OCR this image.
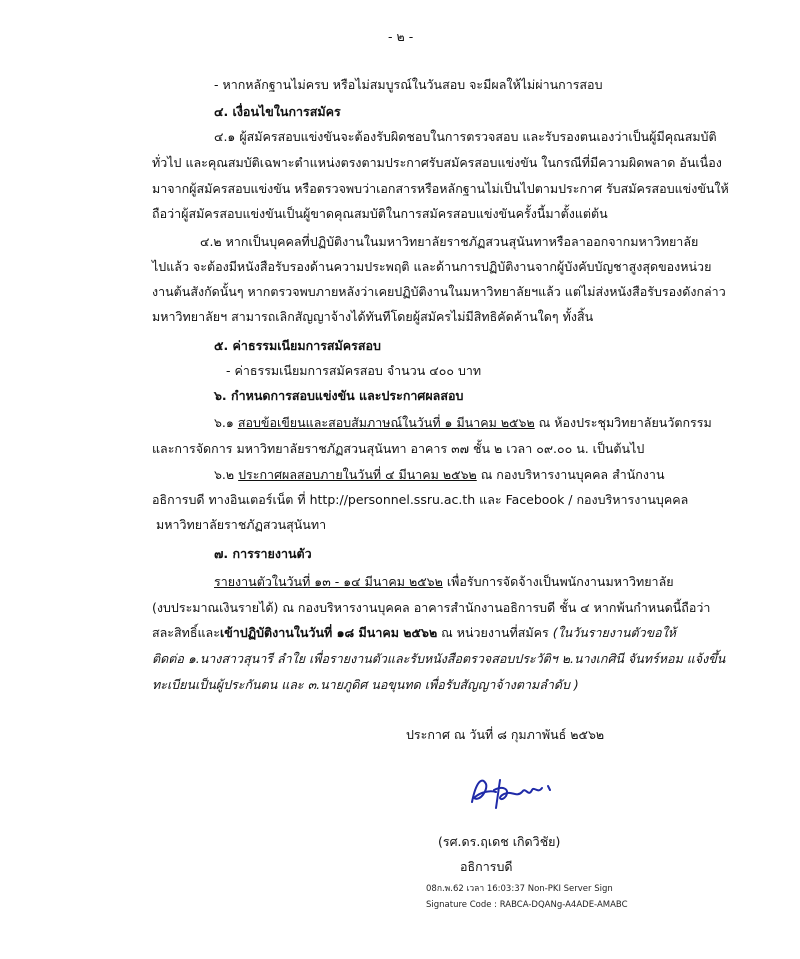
- ๒ -
- หากหลักฐานไม่ครบ หรือไม่สมบูรณ์ในวันสอบ จะมีผลให้ไม่ผ่านการสอบ
๔. เงื่อนไขในการสมัคร
๔.๑ ผู้สมัครสอบแข่งขันจะต้องรับผิดชอบในการตรวจสอบ และรับรองตนเองว่าเป็นผู้มีคุณสมบัติ
ทั่วไป และคุณสมบัติเฉพาะตำแหน่งตรงตามประกาศรับสมัครสอบแข่งขัน ในกรณีที่มีความผิดพลาด อันเนื่อง
มาจากผู้สมัครสอบแข่งขัน หรือตรวจพบว่าเอกสารหรือหลักฐานไม่เป็นไปตามประกาศ รับสมัครสอบแข่งขันให้
ถือว่าผู้สมัครสอบแข่งขันเป็นผู้ขาดคุณสมบัติในการสมัครสอบแข่งขันครั้งนี้มาตั้งแต่ต้น
๔.๒ หากเป็นบุคคลที่ปฏิบัติงานในมหาวิทยาลัยราชภัฏสวนสุนันทาหรือลาออกจากมหาวิทยาลัย
ไปแล้ว จะต้องมีหนังสือรับรองด้านความประพฤติ และด้านการปฏิบัติงานจากผู้บังคับบัญชาสูงสุดของหน่วย
งานต้นสังกัดนั้นๆ หากตรวจพบภายหลังว่าเคยปฏิบัติงานในมหาวิทยาลัยฯแล้ว แต่ไม่ส่งหนังสือรับรองดังกล่าว
มหาวิทยาลัยฯ สามารถเลิกสัญญาจ้างได้ทันทีโดยผู้สมัครไม่มีสิทธิคัดค้านใดๆ ทั้งสิ้น
๕. ค่าธรรมเนียมการสมัครสอบ
- ค่าธรรมเนียมการสมัครสอบ จำนวน ๔๐๐ บาท
๖. กำหนดการสอบแข่งขัน และประกาศผลสอบ
๖.๑ สอบข้อเขียนและสอบสัมภาษณ์ในวันที่ ๑ มีนาคม ๒๕๖๒ ณ ห้องประชุมวิทยาลัยนวัตกรรม
และการจัดการ มหาวิทยาลัยราชภัฏสวนสุนันทา อาคาร ๓๗ ชั้น ๒ เวลา ๐๙.๐๐ น. เป็นต้นไป
๖.๒ ประกาศผลสอบภายในวันที่ ๔ มีนาคม ๒๕๖๒ ณ กองบริหารงานบุคคล สำนักงาน
อธิการบดี ทางอินเตอร์เน็ต ที่ http://personnel.ssru.ac.th และ Facebook / กองบริหารงานบุคคล
มหาวิทยาลัยราชภัฏสวนสุนันทา
๗. การรายงานตัว
รายงานตัวในวันที่ ๑๓ - ๑๔ มีนาคม ๒๕๖๒ เพื่อรับการจัดจ้างเป็นพนักงานมหาวิทยาลัย
(งบประมาณเงินรายได้) ณ กองบริหารงานบุคคล อาคารสำนักงานอธิการบดี ชั้น ๔ หากพ้นกำหนดนี้ถือว่า
สละสิทธิ์และเข้าปฏิบัติงานในวันที่ ๑๘ มีนาคม ๒๕๖๒ ณ หน่วยงานที่สมัคร (ในวันรายงานตัวขอให้
ติดต่อ ๑.นางสาวสุนารี ลำใย เพื่อรายงานตัวและรับหนังสือตรวจสอบประวัติฯ ๒.นางเกศินี จันทร์หอม แจ้งขึ้น
ทะเบียนเป็นผู้ประกันตน และ ๓.นายภูดิศ นอขุนทด เพื่อรับสัญญาจ้างตามลำดับ )
ประกาศ ณ วันที่ ๘ กุมภาพันธ์ ๒๕๖๒
(รศ.ดร.ฤเดช เกิดวิชัย)
อธิการบดี
08ก.พ.62 เวลา 16:03:37 Non-PKI Server Sign
Signature Code : RABCA-DQANg-A4ADE-AMABC
